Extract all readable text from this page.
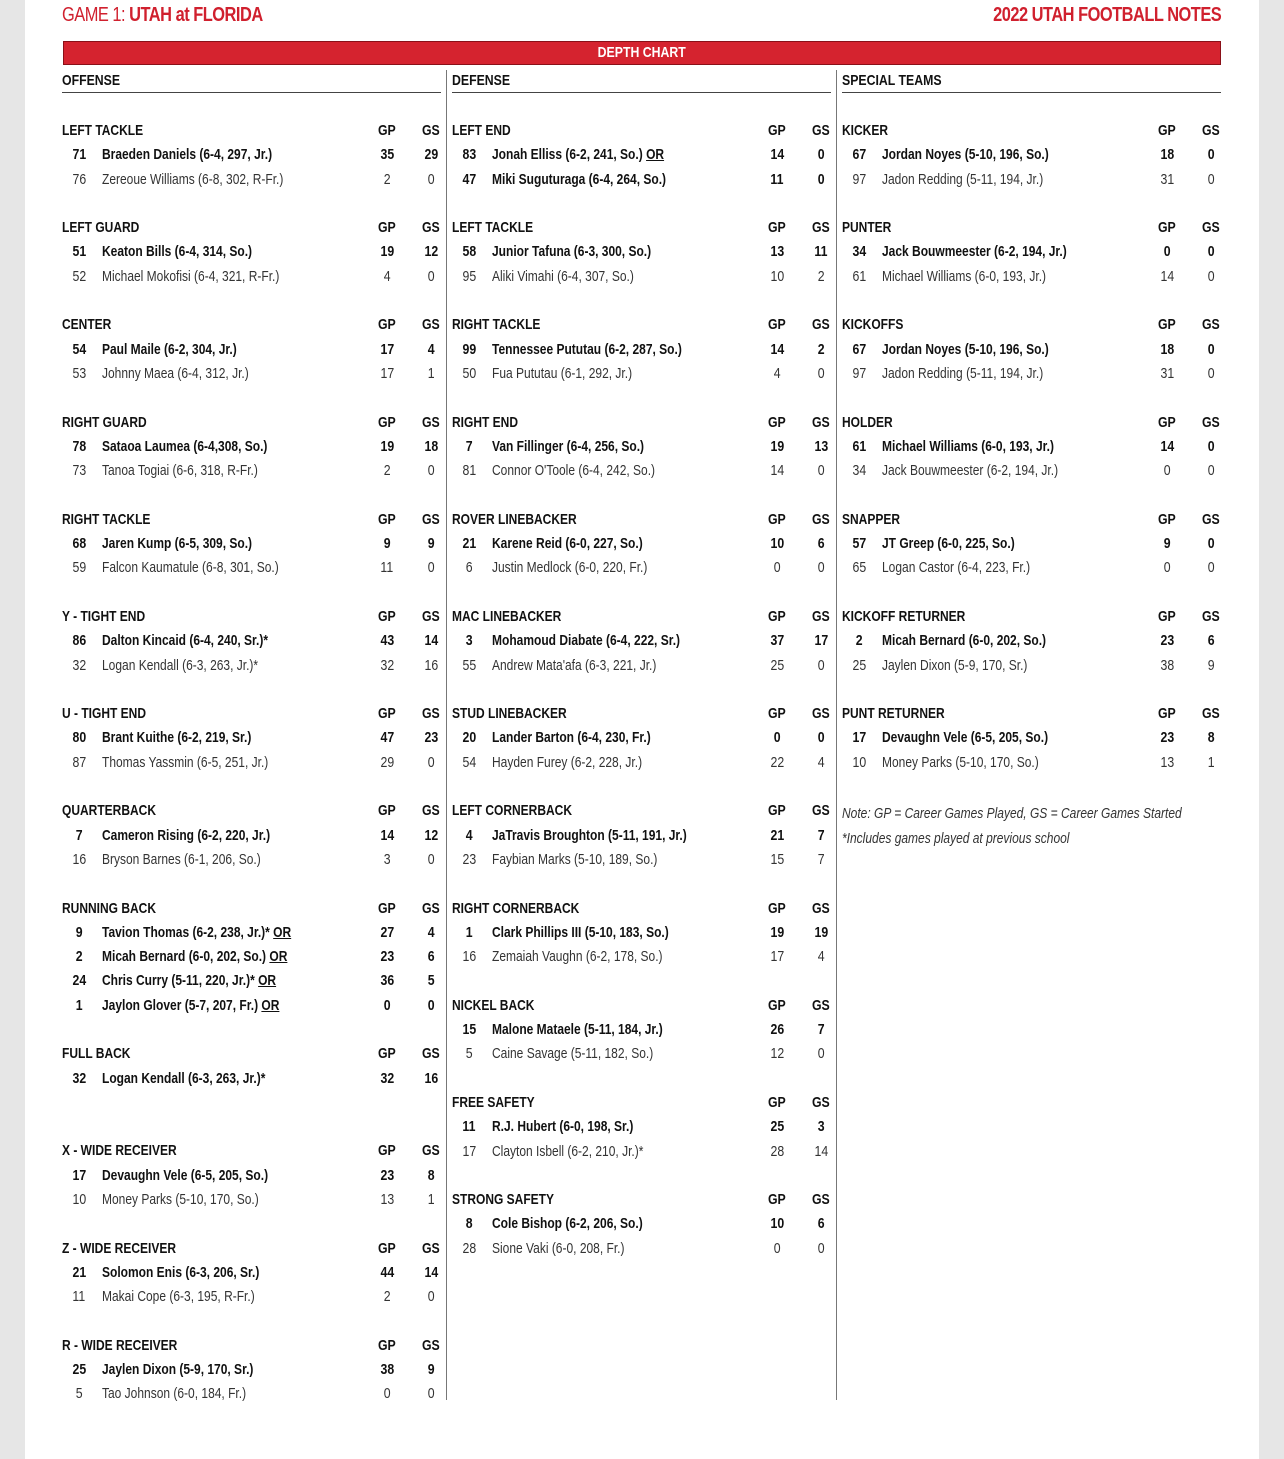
GAME 1: UTAH at FLORIDA	2022 UTAH FOOTBALL NOTES
DEPTH CHART
OFFENSE
LEFT TACKLE	GP	GS
71 Braeden Daniels (6-4, 297, Jr.)	35	29
76 Zereoue Williams (6-8, 302, R-Fr.)	2	0
LEFT GUARD	GP	GS
51 Keaton Bills (6-4, 314, So.)	19	12
52 Michael Mokofisi (6-4, 321, R-Fr.)	4	0
CENTER	GP	GS
54 Paul Maile (6-2, 304, Jr.)	17	4
53 Johnny Maea (6-4, 312, Jr.)	17	1
RIGHT GUARD	GP	GS
78 Sataoa Laumea (6-4,308, So.)	19	18
73 Tanoa Togiai (6-6, 318, R-Fr.)	2	0
RIGHT TACKLE	GP	GS
68 Jaren Kump (6-5, 309, So.)	9	9
59 Falcon Kaumatule (6-8, 301, So.)	11	0
Y - TIGHT END	GP	GS
86 Dalton Kincaid (6-4, 240, Sr.)*	43	14
32 Logan Kendall (6-3, 263, Jr.)*	32	16
U - TIGHT END	GP	GS
80 Brant Kuithe (6-2, 219, Sr.)	47	23
87 Thomas Yassmin (6-5, 251, Jr.)	29	0
QUARTERBACK	GP	GS
7	Cameron Rising (6-2, 220, Jr.)	14	12
16 Bryson Barnes (6-1, 206, So.)	3	0
RUNNING BACK	GP	GS
9	Tavion Thomas (6-2, 238, Jr.)* OR	27	4
2	Micah Bernard (6-0, 202, So.) OR	23	6
24 Chris Curry (5-11, 220, Jr.)* OR	36	5
1	Jaylon Glover (5-7, 207, Fr.) OR	0	0
FULL BACK	GP	GS
32 Logan Kendall (6-3, 263, Jr.)*	32	16
X - WIDE RECEIVER	GP	GS
17 Devaughn Vele (6-5, 205, So.)	23	8
10 Money Parks (5-10, 170, So.)	13	1
Z - WIDE RECEIVER	GP	GS
21 Solomon Enis (6-3, 206, Sr.)	44	14
11	Makai Cope (6-3, 195, R-Fr.)	2	0
R - WIDE RECEIVER	GP	GS
25 Jaylen Dixon (5-9, 170, Sr.)	38	9
5	Tao Johnson (6-0, 184, Fr.)	0	0
DEFENSE
LEFT END	GP	GS
83 Jonah Elliss (6-2, 241, So.) OR	14	0
47 Miki Suguturaga (6-4, 264, So.)	11	0
LEFT TACKLE	GP	GS
58 Junior Tafuna (6-3, 300, So.)	13	11
95 Aliki Vimahi (6-4, 307, So.)	10	2
RIGHT TACKLE	GP	GS
99 Tennessee Pututau (6-2, 287, So.)	14	2
50 Fua Pututau (6-1, 292, Jr.)	4	0
RIGHT END	GP	GS
7	Van Fillinger (6-4, 256, So.)	19	13
81 Connor O'Toole (6-4, 242, So.)	14	0
ROVER LINEBACKER	GP	GS
21 Karene Reid (6-0, 227, So.)	10	6
6	Justin Medlock (6-0, 220, Fr.)	0	0
MAC LINEBACKER	GP	GS
3	Mohamoud Diabate (6-4, 222, Sr.)	37	17
55 Andrew Mata'afa (6-3, 221, Jr.)	25	0
STUD LINEBACKER	GP	GS
20 Lander Barton (6-4, 230, Fr.)	0	0
54 Hayden Furey (6-2, 228, Jr.)	22	4
LEFT CORNERBACK	GP	GS
4	JaTravis Broughton (5-11, 191, Jr.)	21	7
23 Faybian Marks (5-10, 189, So.)	15	7
RIGHT CORNERBACK	GP	GS
1	Clark Phillips III (5-10, 183, So.)	19	19
16 Zemaiah Vaughn (6-2, 178, So.)	17	4
NICKEL BACK	GP	GS
15 Malone Mataele (5-11, 184, Jr.)	26	7
5	Caine Savage (5-11, 182, So.)	12	0
FREE SAFETY	GP	GS
11	R.J. Hubert (6-0, 198, Sr.)	25	3
17 Clayton Isbell (6-2, 210, Jr.)*	28	14
STRONG SAFETY	GP	GS
8	Cole Bishop (6-2, 206, So.)	10	6
28 Sione Vaki (6-0, 208, Fr.)	0	0
SPECIAL TEAMS
KICKER	GP	GS
67 Jordan Noyes (5-10, 196, So.)	18	0
97 Jadon Redding (5-11, 194, Jr.)	31	0
PUNTER	GP	GS
34 Jack Bouwmeester (6-2, 194, Jr.)	0	0
61 Michael Williams (6-0, 193, Jr.)	14	0
KICKOFFS	GP	GS
67 Jordan Noyes (5-10, 196, So.)	18	0
97 Jadon Redding (5-11, 194, Jr.)	31	0
HOLDER	GP	GS
61 Michael Williams (6-0, 193, Jr.)	14	0
34 Jack Bouwmeester (6-2, 194, Jr.)	0	0
SNAPPER	GP	GS
57 JT Greep (6-0, 225, So.)	9	0
65 Logan Castor (6-4, 223, Fr.)	0	0
KICKOFF RETURNER	GP	GS
2	Micah Bernard (6-0, 202, So.)	23	6
25 Jaylen Dixon (5-9, 170, Sr.)	38	9
PUNT RETURNER	GP	GS
17 Devaughn Vele (6-5, 205, So.)	23	8
10 Money Parks (5-10, 170, So.)	13	1
Note: GP = Career Games Played, GS = Career Games Started
*Includes games played at previous school
